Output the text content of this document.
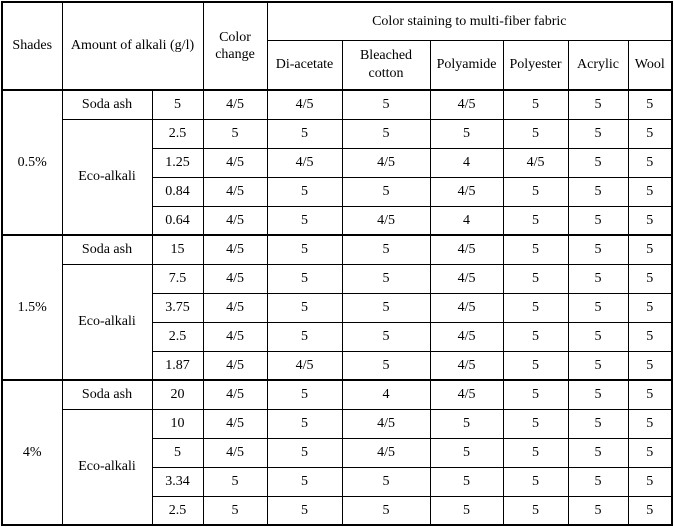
Shades	Amount of alkali (g/l)		Color change	Color staining to multi-fiber fabric					
				Di-acetate	Bleached cotton	Polyamide	Polyester	Acrylic	Wool
0.5%	Soda ash	5	4/5	4/5	5	4/5	5	5	5
	Eco-alkali	2.5	5	5	5	5	5	5	5
		1.25	4/5	4/5	4/5	4	4/5	5	5
		0.84	4/5	5	5	4/5	5	5	5
		0.64	4/5	5	4/5	4	5	5	5
1.5%	Soda ash	15	4/5	5	5	4/5	5	5	5
	Eco-alkali	7.5	4/5	5	5	4/5	5	5	5
		3.75	4/5	5	5	4/5	5	5	5
		2.5	4/5	5	5	4/5	5	5	5
		1.87	4/5	4/5	5	4/5	5	5	5
4%	Soda ash	20	4/5	5	4	4/5	5	5	5
	Eco-alkali	10	4/5	5	4/5	5	5	5	5
		5	4/5	5	4/5	5	5	5	5
		3.34	5	5	5	5	5	5	5
		2.5	5	5	5	5	5	5	5
